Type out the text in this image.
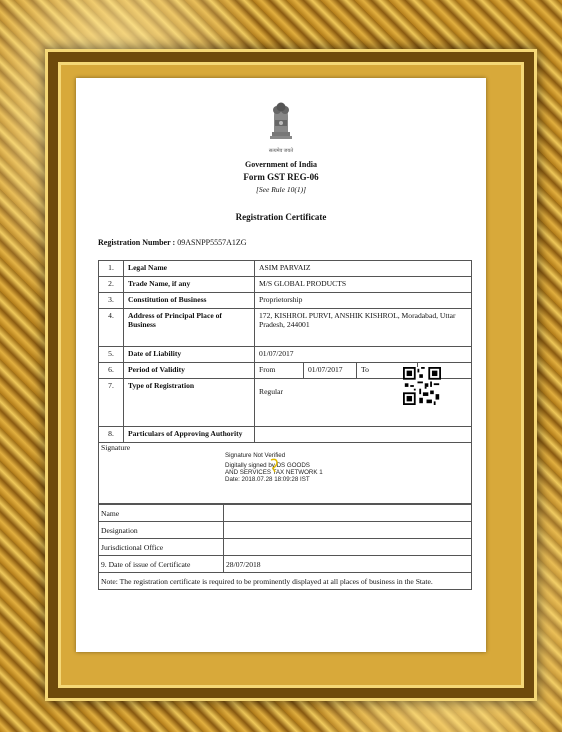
सत्यमेव जयते
Government of India
Form GST REG-06
[See Rule 10(1)]
Registration Certificate
Registration Number : 09ASNPP5557A1ZG
1.	Legal Name	ASIM PARVAIZ			
2.	Trade Name, if any	M/S GLOBAL PRODUCTS			
3.	Constitution of Business	Proprietorship			
4.	Address of Principal Place of Business	172, KISHROL PURVI, ANSHIK KISHROL, Moradabad, Uttar Pradesh, 244001			
5.	Date of Liability	01/07/2017			
6.	Period of Validity	From	01/07/2017	To	
7.	Type of Registration	Regular			
8.	Particulars of Approving Authority				
Signature
Signature Not Verified
Digitally signed by DS GOODS
AND SERVICES TAX NETWORK 1
Date: 2018.07.28 18:09:28 IST
Name	
Designation	
Jurisdictional Office	
9. Date of issue of Certificate	28/07/2018
Note: The registration certificate is required to be prominently displayed at all places of business in the State.	
